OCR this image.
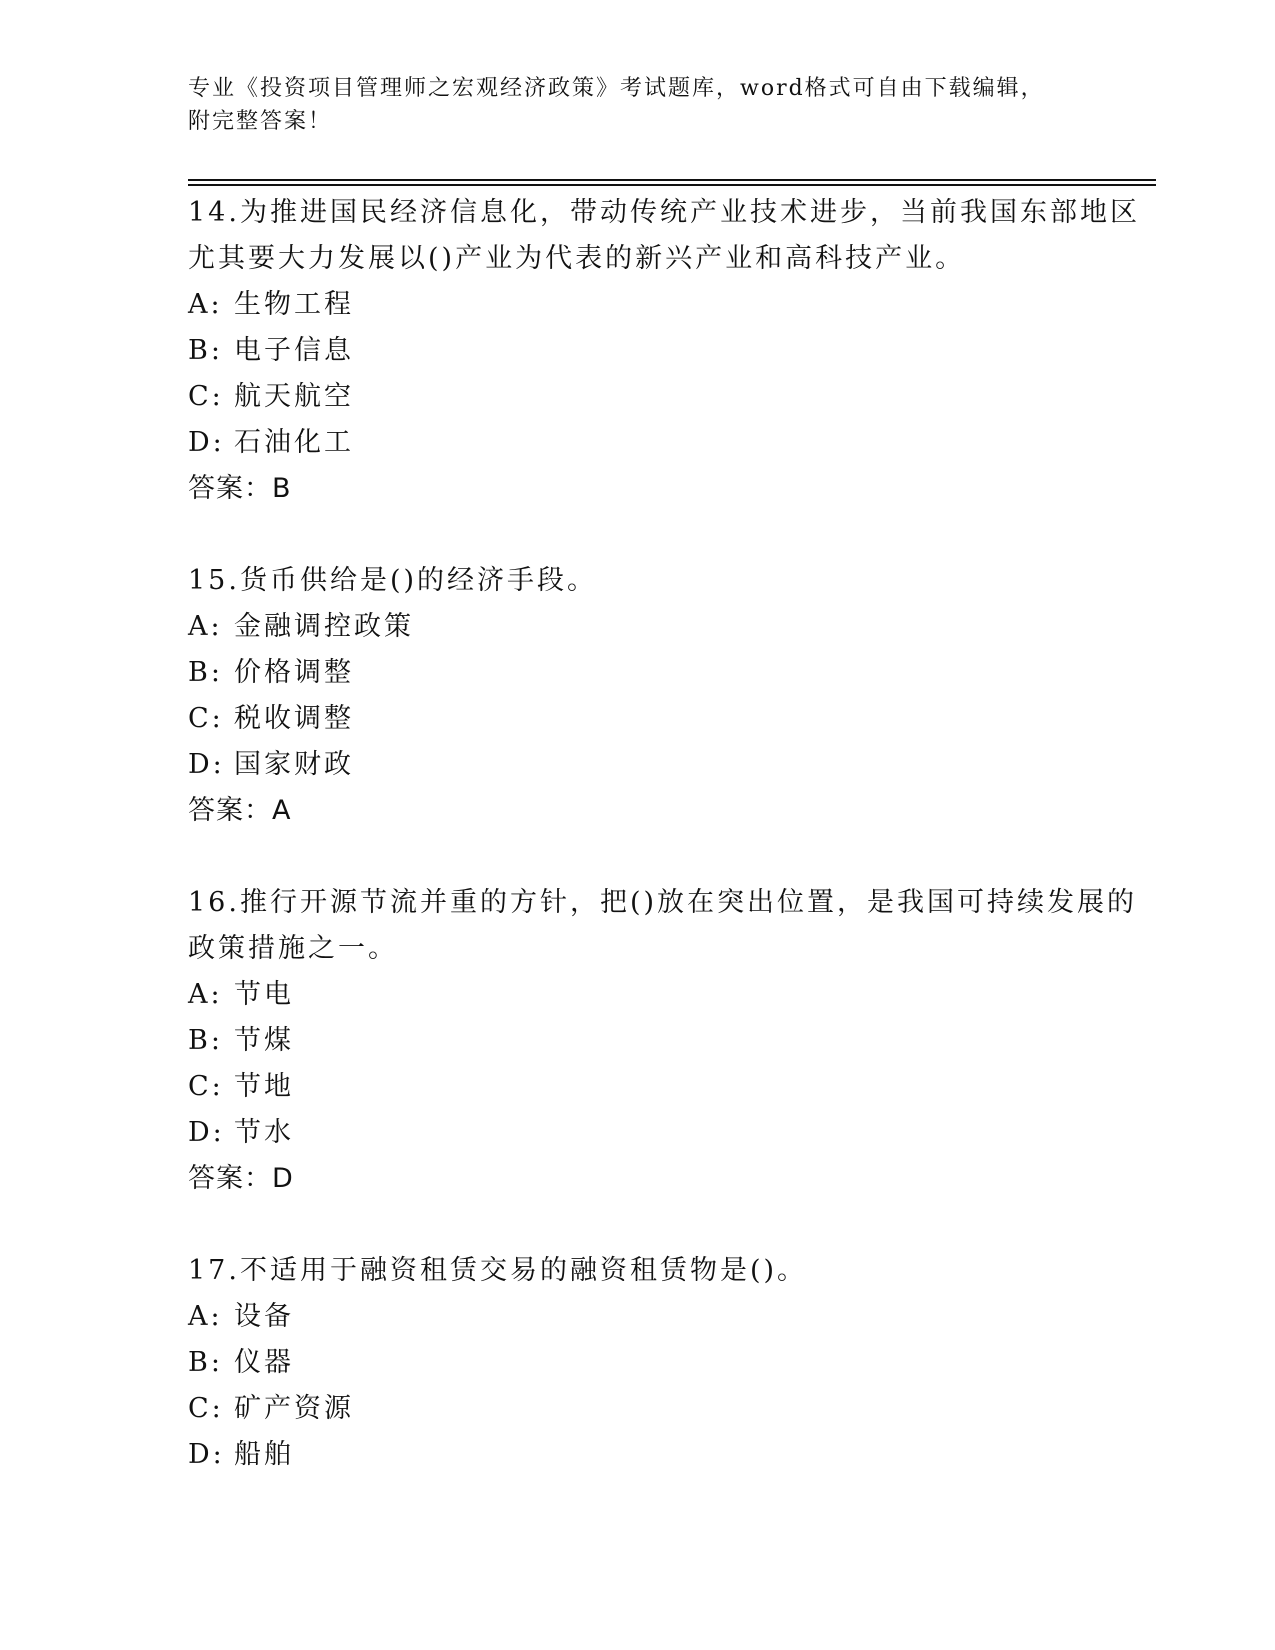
专业《投资项目管理师之宏观经济政策》考试题库，word格式可自由下载编辑，
附完整答案！

14.为推进国民经济信息化，带动传统产业技术进步，当前我国东部地区尤其要大力发展以()产业为代表的新兴产业和高科技产业。

A: 生物工程
B: 电子信息
C: 航天航空
D: 石油化工
答案：B

15.货币供给是()的经济手段。

A: 金融调控政策
B: 价格调整
C: 税收调整
D: 国家财政
答案：A

16.推行开源节流并重的方针，把()放在突出位置，是我国可持续发展的政策措施之一。

A: 节电
B: 节煤
C: 节地
D: 节水
答案：D

17.不适用于融资租赁交易的融资租赁物是()。

A: 设备
B: 仪器
C: 矿产资源
D: 船舶
